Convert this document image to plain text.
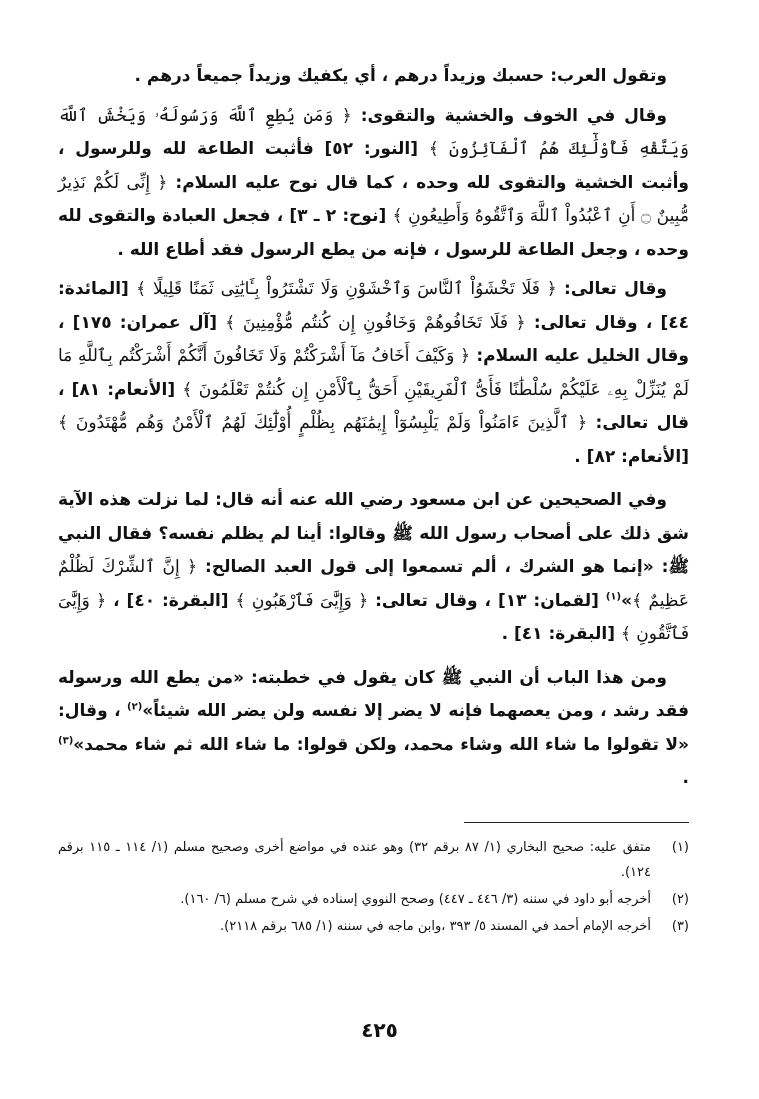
وتقول العرب: حسبك وزيداً درهم ، أي يكفيك وزيداً جميعاً درهم .

وقال في الخوف والخشية والتقوى: ﴿ وَمَن يُطِعِ ٱللَّهَ وَرَسُولَهُۥ وَيَخْشَ ٱللَّهَ وَيَتَّقْهِ فَأُوْلَٰٓئِكَ هُمُ ٱلْفَآئِزُونَ ﴾ [النور: ٥٢] فأثبت الطاعة لله وللرسول ، وأثبت الخشية والتقوى لله وحده ، كما قال نوح عليه السلام: ﴿ إِنِّى لَكُمْ نَذِيرٌ مُّبِينٌ ۝ أَنِ ٱعْبُدُواْ ٱللَّهَ وَٱتَّقُوهُ وَأَطِيعُونِ ﴾ [نوح: ٢ ـ ٣] ، فجعل العبادة والتقوى لله وحده ، وجعل الطاعة للرسول ، فإنه من يطع الرسول فقد أطاع الله .

وقال تعالى: ﴿ فَلَا تَخْشَوُاْ ٱلنَّاسَ وَٱخْشَوْنِ وَلَا تَشْتَرُواْ بِـَٔايَٰتِى ثَمَنًا قَلِيلًا ﴾ [المائدة: ٤٤] ، وقال تعالى: ﴿ فَلَا تَخَافُوهُمْ وَخَافُونِ إِن كُنتُم مُّؤْمِنِينَ ﴾ [آل عمران: ١٧٥] ، وقال الخليل عليه السلام: ﴿ وَكَيْفَ أَخَافُ مَآ أَشْرَكْتُمْ وَلَا تَخَافُونَ أَنَّكُمْ أَشْرَكْتُم بِٱللَّهِ مَا لَمْ يُنَزِّلْ بِهِۦ عَلَيْكُمْ سُلْطَٰنًا فَأَىُّ ٱلْفَرِيقَيْنِ أَحَقُّ بِٱلْأَمْنِ إِن كُنتُمْ تَعْلَمُونَ ﴾ [الأنعام: ٨١] ، قال تعالى: ﴿ ٱلَّذِينَ ءَامَنُواْ وَلَمْ يَلْبِسُوٓاْ إِيمَٰنَهُم بِظُلْمٍ أُوْلَٰٓئِكَ لَهُمُ ٱلْأَمْنُ وَهُم مُّهْتَدُونَ ﴾ [الأنعام: ٨٢] .

وفي الصحيحين عن ابن مسعود رضي الله عنه أنه قال: لما نزلت هذه الآية شق ذلك على أصحاب رسول الله ﷺ وقالوا: أينا لم يظلم نفسه؟ فقال النبي ﷺ: «إنما هو الشرك ، ألم تسمعوا إلى قول العبد الصالح: ﴿ إِنَّ ٱلشِّرْكَ لَظُلْمٌ عَظِيمٌ ﴾»$^{(١)}$ [لقمان: ١٣] ، وقال تعالى: ﴿ وَإِيَّٰىَ فَٱرْهَبُونِ ﴾ [البقرة: ٤٠] ، ﴿ وَإِيَّٰىَ فَٱتَّقُونِ ﴾ [البقرة: ٤١] .

ومن هذا الباب أن النبي ﷺ كان يقول في خطبته: «من يطع الله ورسوله فقد رشد ، ومن يعصهما فإنه لا يضر إلا نفسه ولن يضر الله شيئاً»$^{(٢)}$ ، وقال: «لا تقولوا ما شاء الله وشاء محمد، ولكن قولوا: ما شاء الله ثم شاء محمد»$^{(٣)}$ .

(١)
متفق عليه: صحيح البخاري (١/ ٨٧ برقم ٣٢) وهو عنده في مواضع أخرى وصحيح مسلم (١/ ١١٤ ـ ١١٥ برقم ١٢٤).
(٢)
أخرجه أبو داود في سننه (٣/ ٤٤٦ ـ ٤٤٧) وصحح النووي إسناده في شرح مسلم (٦/ ١٦٠).
(٣)
أخرجه الإمام أحمد في المسند ٥/ ٣٩٣ ،وابن ماجه في سننه (١/ ٦٨٥ برقم ٢١١٨).
٤٢٥
